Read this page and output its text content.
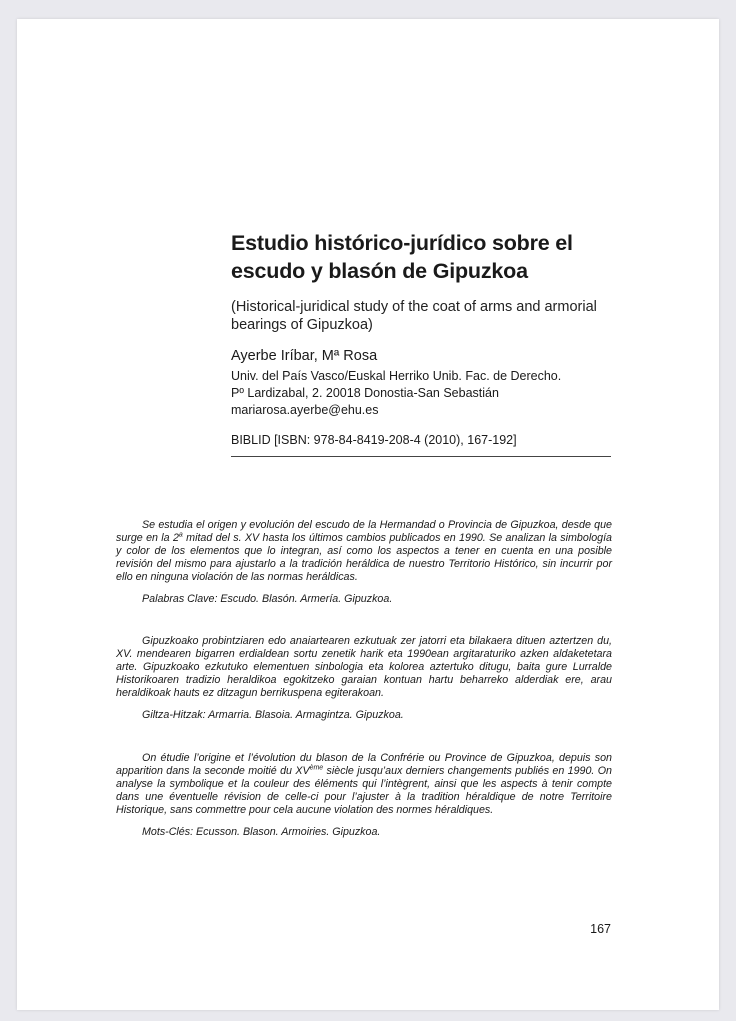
Estudio histórico-jurídico sobre el escudo y blasón de Gipuzkoa
(Historical-juridical study of the coat of arms and armorial bearings of Gipuzkoa)
Ayerbe Iríbar, Mª Rosa
Univ. del País Vasco/Euskal Herriko Unib. Fac. de Derecho.
Pº Lardizabal, 2. 20018 Donostia-San Sebastián
mariarosa.ayerbe@ehu.es
BIBLID [ISBN: 978-84-8419-208-4 (2010), 167-192]

Se estudia el origen y evolución del escudo de la Hermandad o Provincia de Gipuzkoa, desde que surge en la 2$^a$ mitad del s. XV hasta los últimos cambios publicados en 1990. Se analizan la simbología y color de los elementos que lo integran, así como los aspectos a tener en cuenta en una posible revisión del mismo para ajustarlo a la tradición heráldica de nuestro Territorio Histórico, sin incurrir por ello en ninguna violación de las normas heráldicas.

Palabras Clave: Escudo. Blasón. Armería. Gipuzkoa.

Gipuzkoako probintziaren edo anaiartearen ezkutuak zer jatorri eta bilakaera dituen aztertzen du, XV. mendearen bigarren erdialdean sortu zenetik harik eta 1990ean argitaraturiko azken aldaketetara arte. Gipuzkoako ezkutuko elementuen sinbologia eta kolorea aztertuko ditugu, baita gure Lurralde Historikoaren tradizio heraldikoa egokitzeko garaian kontuan hartu beharreko alderdiak ere, arau heraldikoak hauts ez ditzagun berrikuspena egiterakoan.

Giltza-Hitzak: Armarria. Blasoia. Armagintza. Gipuzkoa.

On étudie l’origine et l’évolution du blason de la Confrérie ou Province de Gipuzkoa, depuis son apparition dans la seconde moitié du XVème siècle jusqu’aux derniers changements publiés en 1990. On analyse la symbolique et la couleur des éléments qui l’intègrent, ainsi que les aspects à tenir compte dans une éventuelle révision de celle-ci pour l’ajuster à la tradition héraldique de notre Territoire Historique, sans commettre pour cela aucune violation des normes héraldiques.

Mots-Clés: Ecusson. Blason. Armoiries. Gipuzkoa.

167
